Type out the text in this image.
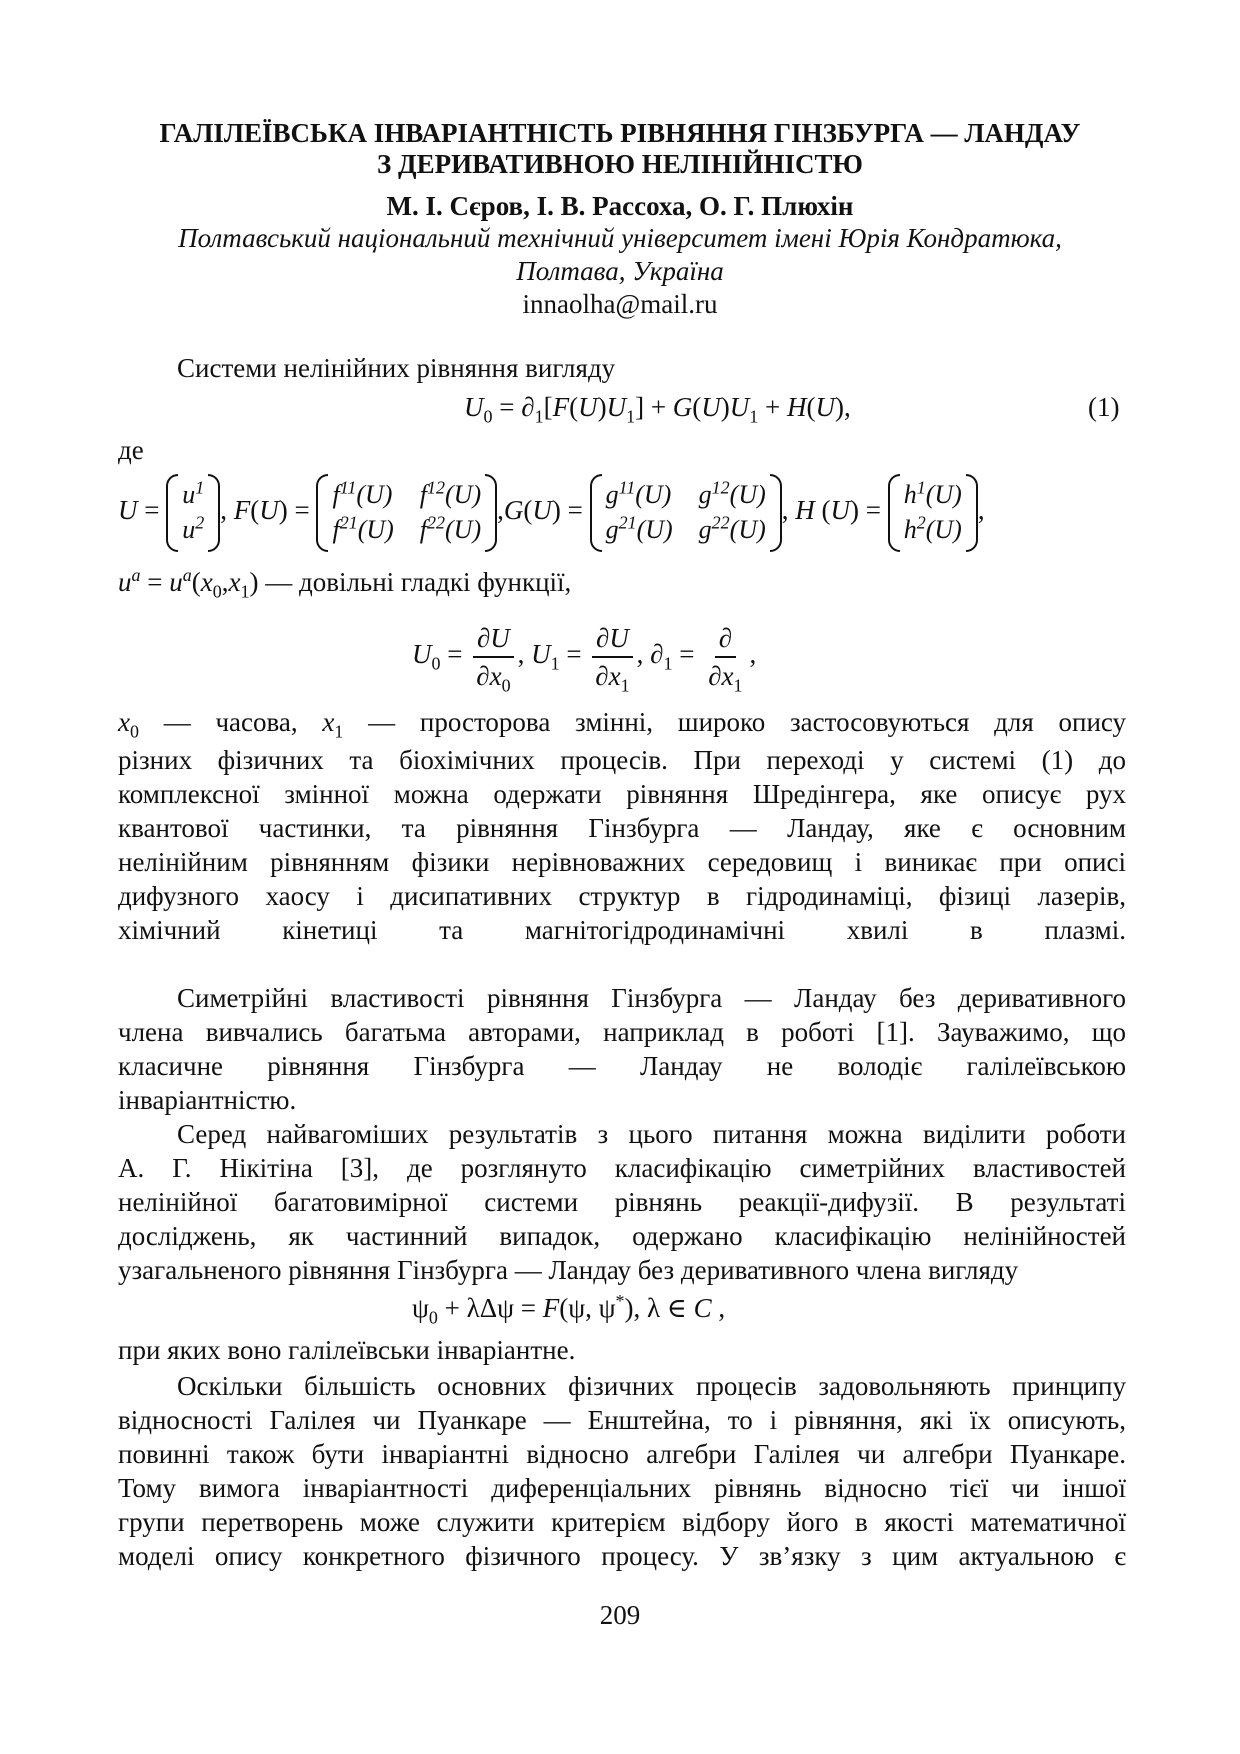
ГАЛІЛЕЇВСЬКА ІНВАРІАНТНІСТЬ РІВНЯННЯ ГІНЗБУРГА — ЛАНДАУ
З ДЕРИВАТИВНОЮ НЕЛІНІЙНІСТЮ
М. І. Сєров, І. В. Рассоха, О. Г. Плюхін
Полтавський національний технічний університет імені Юрія Кондратюка,
Полтава, Україна
innaolha@mail.ru
Системи нелінійних рівняння вигляду
$U_0 = \partial_1[F(U)U_1] + G(U)U_1 + H(U)$,	(1)
де
U =
$u^1$
$u^2$ , F(U) =
$f^{11}(U)$ $f^{12}(U)$
$f^{21}(U)$ $f^{22}(U)$
,G(U) =
$g^{11}(U)$ $g^{12}(U)$
$g^{21}(U)$ $g^{22}(U)$
, H (U) =
$h^1(U)$
$h^2(U)$
,
$u^a = u^a(x_0,x_1)$ — довільні гладкі функції,
$U_0 = \frac{\partial U}{\partial x_0}$ , $U_1 = \frac{\partial U}{\partial x_1}$ , $\partial_1 = \frac{\partial}{\partial x_1}$ ,
$x_0$ — часова, $x_1$ — просторова змінні, широко застосовуються для опису
різних фізичних та біохімічних процесів. При переході у системі (1) до
комплексної змінної можна одержати рівняння Шредінгера, яке описує рух
квантової частинки, та рівняння Гінзбурга — Ландау, яке є основним
нелінійним рівнянням фізики нерівноважних середовищ і виникає при описі
дифузного хаосу і дисипативних структур в гідродинаміці, фізиці лазерів,
хімічний кінетиці та магнітогідродинамічні хвилі в плазмі.
Симетрійні властивості рівняння Гінзбурга — Ландау без деривативного
члена вивчались багатьма авторами, наприклад в роботі [1]. Зауважимо, що
класичне рівняння Гінзбурга — Ландау не володіє галілеївською
інваріантністю.
Серед найвагоміших результатів з цього питання можна виділити роботи
А. Г. Нікітіна [3], де розглянуто класифікацію симетрійних властивостей
нелінійної багатовимірної системи рівнянь реакції-дифузії. В результаті
досліджень, як частинний випадок, одержано класифікацію нелінійностей
узагальненого рівняння Гінзбурга — Ландау без деривативного члена вигляду
$\psi_0 + \lambda\Delta\psi = F(\psi$, ψ*), λ ∈ C ,
при яких воно галілеївськи інваріантне.
Оскільки більшість основних фізичних процесів задовольняють принципу
відносності Галілея чи Пуанкаре — Енштейна, то і рівняння, які їх описують,
повинні також бути інваріантні відносно алгебри Галілея чи алгебри Пуанкаре.
Тому вимога інваріантності диференціальних рівнянь відносно тієї чи іншої
групи перетворень може служити критерієм відбору його в якості математичної
моделі опису конкретного фізичного процесу. У зв’язку з цим актуальною є
209
